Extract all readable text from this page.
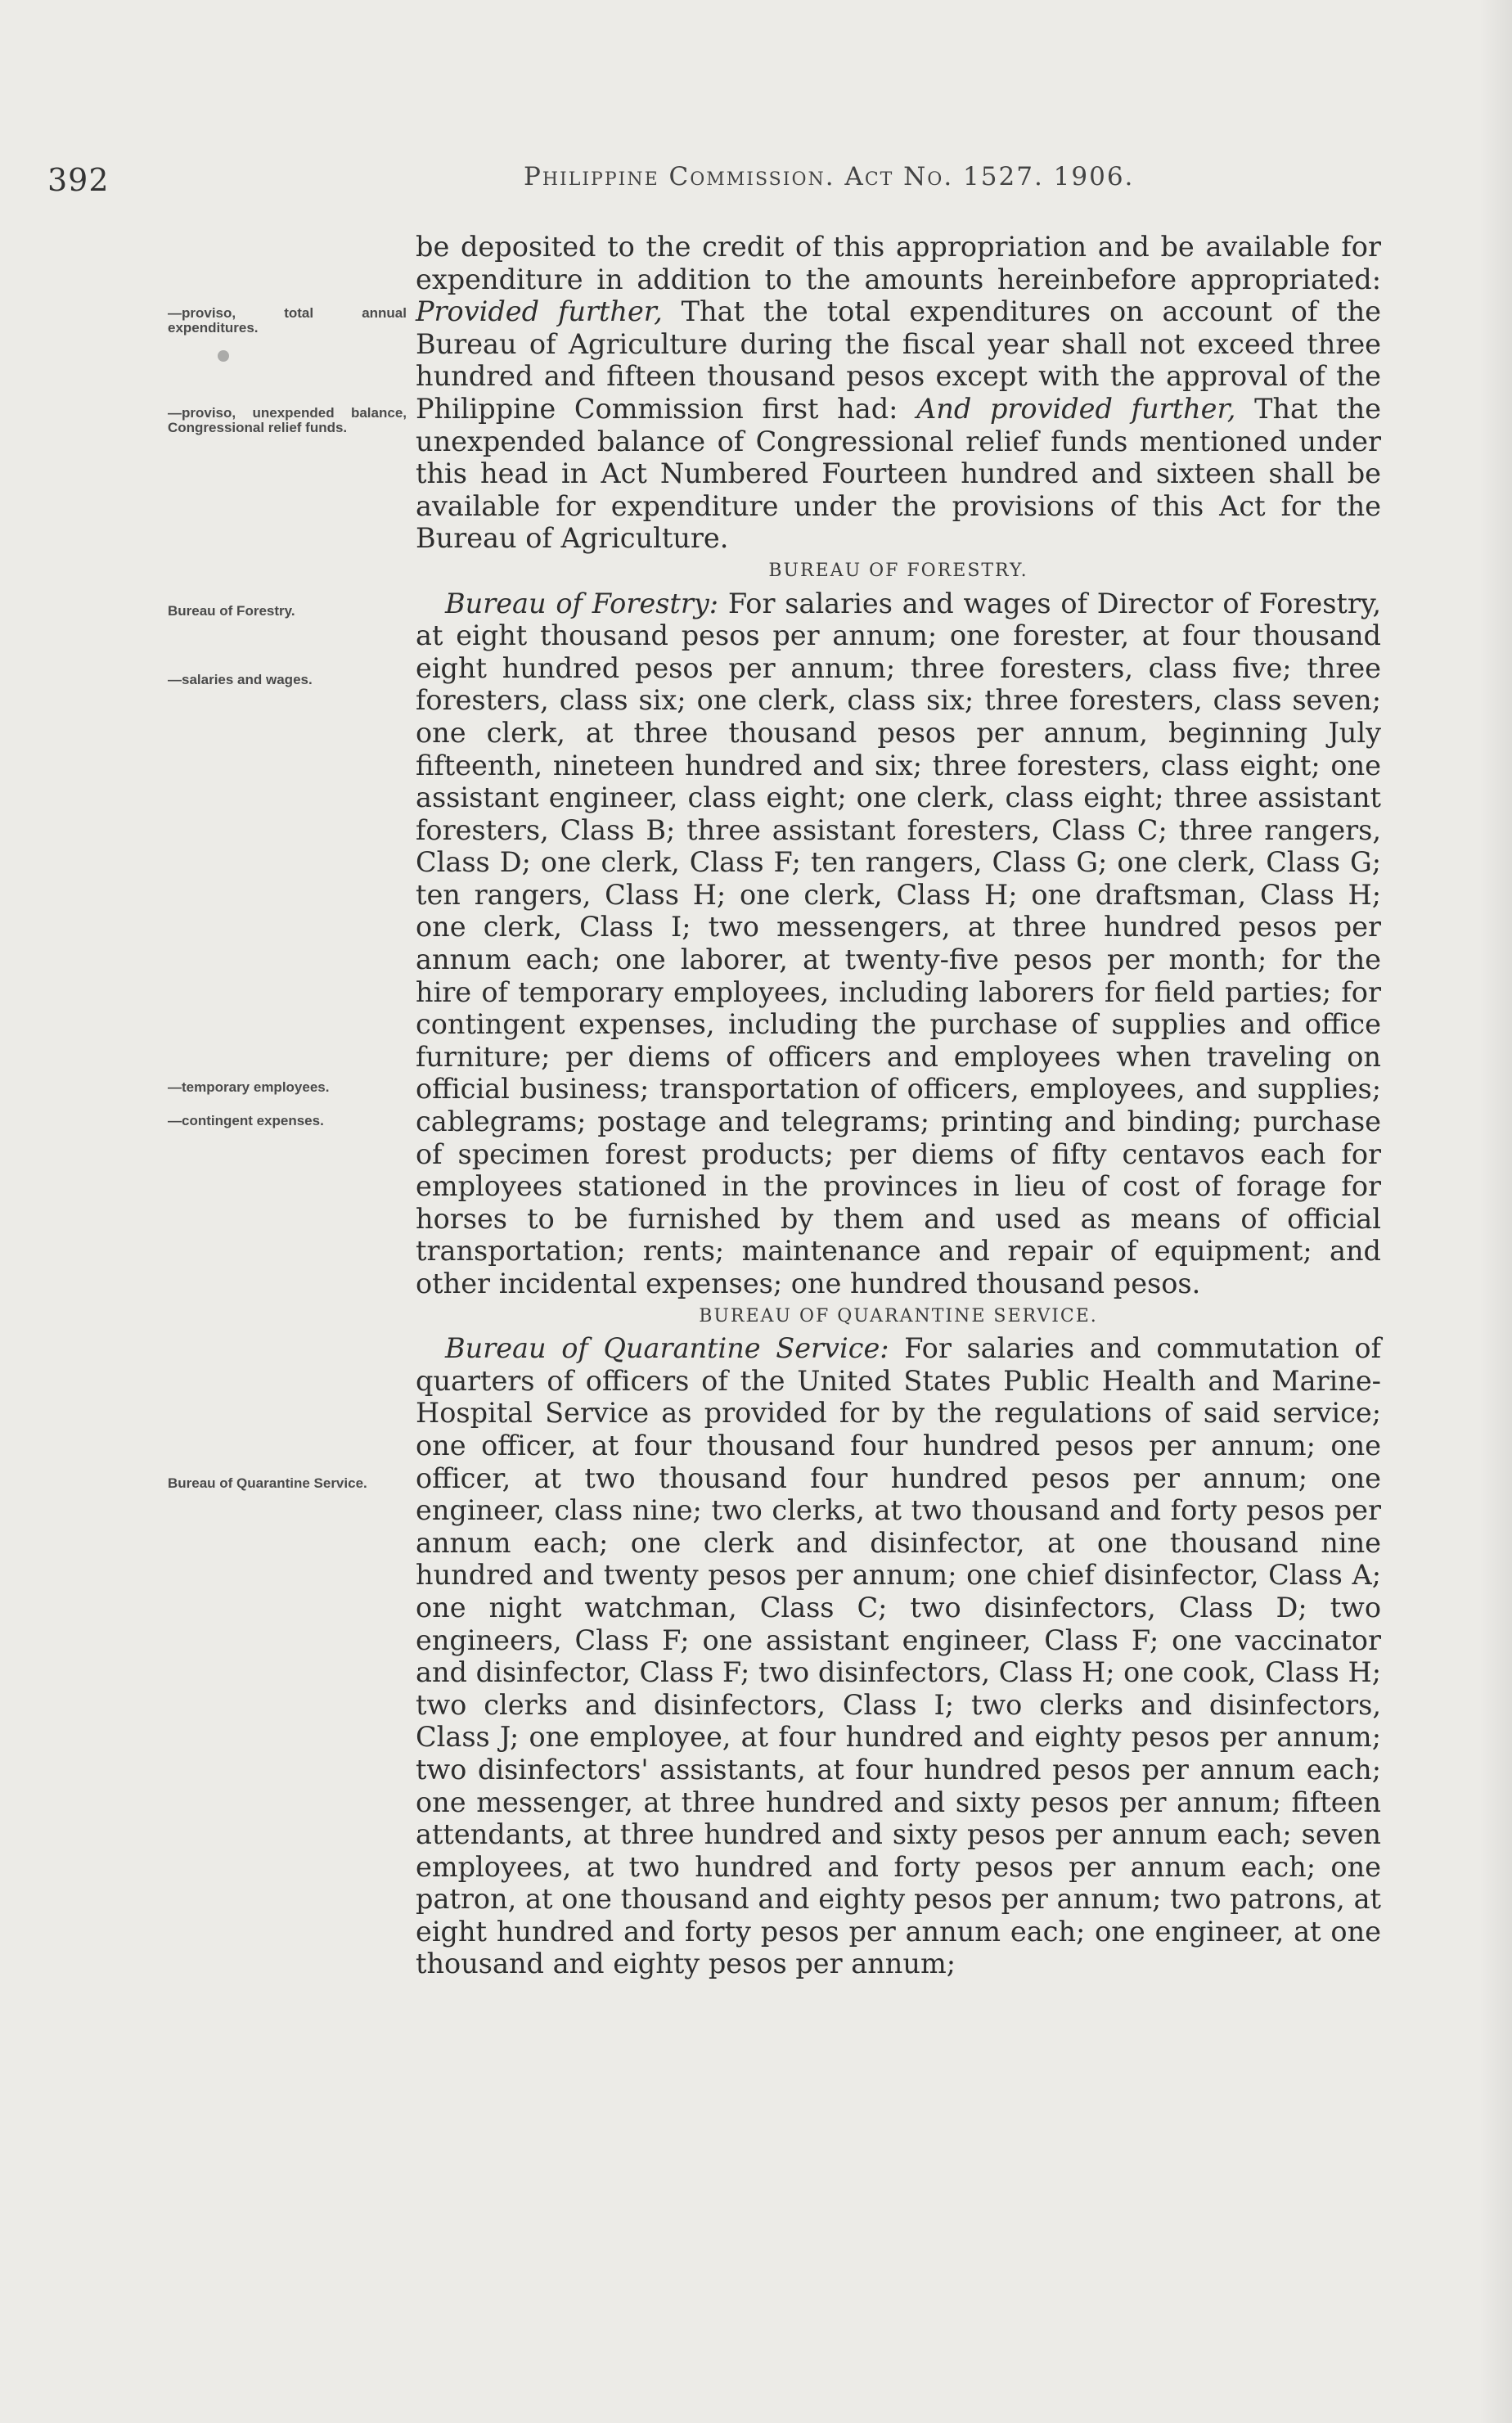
392	Philippine Commission. Act No. 1527. 1906.
—proviso, total annual expenditures.
—proviso, unexpended balance, Congressional relief funds.
Bureau of Forestry.
—salaries and wages.
—temporary employees.
—contingent expenses.
Bureau of Quarantine Service.

be deposited to the credit of this appropriation and be available for expenditure in addition to the amounts hereinbefore appropriated: Provided further, That the total expenditures on account of the Bureau of Agriculture during the fiscal year shall not exceed three hundred and fifteen thousand pesos except with the approval of the Philippine Commission first had: And provided further, That the unexpended balance of Congressional relief funds mentioned under this head in Act Numbered Fourteen hundred and sixteen shall be available for expenditure under the provisions of this Act for the Bureau of Agriculture.

BUREAU OF FORESTRY.

Bureau of Forestry: For salaries and wages of Director of Forestry, at eight thousand pesos per annum; one forester, at four thousand eight hundred pesos per annum; three foresters, class five; three foresters, class six; one clerk, class six; three foresters, class seven; one clerk, at three thousand pesos per annum, beginning July fifteenth, nineteen hundred and six; three foresters, class eight; one assistant engineer, class eight; one clerk, class eight; three assistant foresters, Class B; three assistant foresters, Class C; three rangers, Class D; one clerk, Class F; ten rangers, Class G; one clerk, Class G; ten rangers, Class H; one clerk, Class H; one draftsman, Class H; one clerk, Class I; two messengers, at three hundred pesos per annum each; one laborer, at twenty-five pesos per month; for the hire of temporary employees, including laborers for field parties; for contingent expenses, including the purchase of supplies and office furniture; per diems of officers and employees when traveling on official business; transportation of officers, employees, and supplies; cablegrams; postage and telegrams; printing and binding; purchase of specimen forest products; per diems of fifty centavos each for employees stationed in the provinces in lieu of cost of forage for horses to be furnished by them and used as means of official transportation; rents; maintenance and repair of equipment; and other incidental expenses; one hundred thousand pesos.

BUREAU OF QUARANTINE SERVICE.

Bureau of Quarantine Service: For salaries and commutation of quarters of officers of the United States Public Health and Marine-Hospital Service as provided for by the regulations of said service; one officer, at four thousand four hundred pesos per annum; one officer, at two thousand four hundred pesos per annum; one engineer, class nine; two clerks, at two thousand and forty pesos per annum each; one clerk and disinfector, at one thousand nine hundred and twenty pesos per annum; one chief disinfector, Class A; one night watchman, Class C; two disinfectors, Class D; two engineers, Class F; one assistant engineer, Class F; one vaccinator and disinfector, Class F; two disinfectors, Class H; one cook, Class H; two clerks and disinfectors, Class I; two clerks and disinfectors, Class J; one employee, at four hundred and eighty pesos per annum; two disinfectors' assistants, at four hundred pesos per annum each; one messenger, at three hundred and sixty pesos per annum; fifteen attendants, at three hundred and sixty pesos per annum each; seven employees, at two hundred and forty pesos per annum each; one patron, at one thousand and eighty pesos per annum; two patrons, at eight hundred and forty pesos per annum each; one engineer, at one thousand and eighty pesos per annum;
